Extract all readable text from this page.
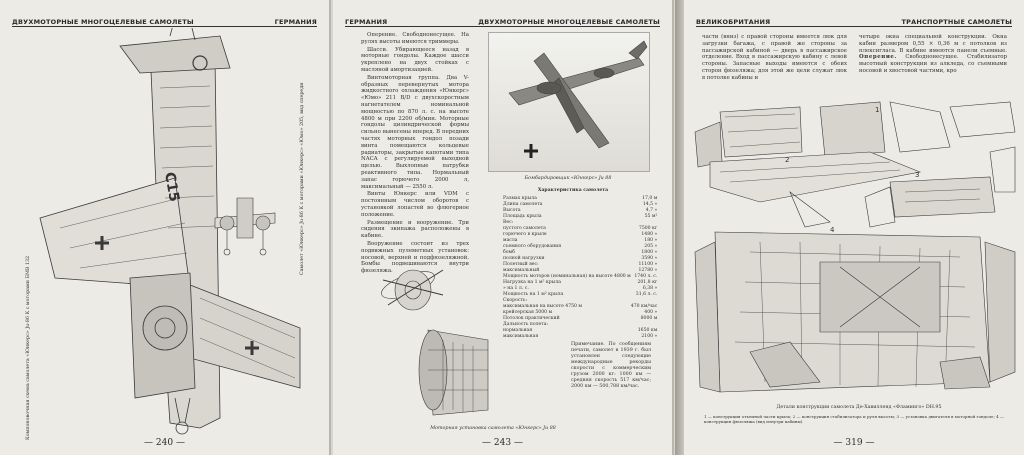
ДВУХМОТОРНЫЕ МНОГОЦЕЛЕВЫЕ САМОЛЕТЫ	ГЕРМАНИЯ
C15
Компоновочная схема самолета «Юнкерс» Ju-86 К с моторами БМВ 132
Самолет «Юнкерс» Ju-86 К с моторами «Юнкерс» «Юмо» 205, вид спереди
— 240 —
ГЕРМАНИЯ	ДВУХМОТОРНЫЕ МНОГОЦЕЛЕВЫЕ САМОЛЕТЫ

Оперение. Свободнонесущее. На рулях высоты имеются триммеры.

Шасси. Убирающееся назад в моторные гондолы. Каждое шасси укреплено на двух стойках с масляной амортизацией.

Винтомоторная группа. Два V-образных перевернутых мотора жидкостного охлаждения «Юнкерс» «Юмо» 211 B/D с двухскоростным нагнетателем номинальной мощностью по 870 л. с. на высоте 4800 м при 2200 об/мин. Моторные гондолы цилиндрической формы сильно вынесены вперед. В передних частях моторных гондол позади винта помещаются кольцевые радиаторы, закрытые капотами типа NACA с регулируемой выходной щелью. Выхлопные патрубки реактивного типа. Нормальный запас горючего 2000 л, максимальный — 2550 л.

Винты Юнкерс или VDM с постоянным числом оборотов с установкой лопастей во флюгерное положение.

Размещение и вооружение. Три сидения экипажа расположены в кабине.

Вооружение состоит из трех подвижных пулеметных установок: носовой, верхней и подфюзеляжной. Бомбы подвешиваются внутри фюзеляжа.

Бомбардировщик «Юнкерс» Ju 88
Характеристика самолета
Размах крыла	17,0 м
Длина самолета	14,5 »
Высота	4,7 »
Площадь крыла	55 м²
Вес:	
пустого самолета	7500 кг
горючего в крыле	1480 »
масла	180 »
съемного оборудования	205 »
бомб	1800 »
полной нагрузки	3590 »
Полетный вес:	11100 »
максимальный	12780 »
Мощность моторов (номинальная) на высоте 4800 м	1740 л. с.
Нагрузка на 1 м² крыла	201,8 кг
» на 1 л. с.	6,38 »
Мощность на 1 м² крыла	31,6 л. с.
Скорость:	
максимальная на высоте 4750 м	470 км/час
крейсерская 5000 м	400 »
Потолок практический	8000 м
Дальность полета:	
нормальная	1650 км
максимальная	2100 »
Моторная установка самолета «Юнкерс» Ju 88
Примечание. По сообщениям печати, самолет в 1939 г. был установлен следующие международные рекорды скорости с коммерческим грузом 2000 кг: 1000 км — средняя скорость 517 км/час; 2000 км — 500,788 км/час.
— 243 —
ВЕЛИКОБРИТАНИЯ	ТРАНСПОРТНЫЕ САМОЛЕТЫ
части (вниз) с правой стороны имеется люк для загрузки багажа, с правой же стороны за пассажирской кабиной — дверь в пассажирское отделение. Вход в пассажирскую кабину с левой стороны. Запасные выходы имеются с обеих сторон фюзеляжа; для этой же цели служат люк в потолке кабины и
четыре окна специальной конструкции. Окна кабин размером 0,55 × 0,36 м с потолков из плексигласа. В кабине имеются панели съемные. Оперение. Свободнонесущее. Стабилизатор высотный конструкции из алкледа, со съемными носовой и хвостовой частями, кро
1
2
3
4
Детали конструкции самолета Де-Хавилленд «Фламинго» DH.95
1 — конструкция отъемной части крыла; 2 — конструкция стабилизатора и руля высоты; 3 — установка двигателя в моторной гондоле; 4 — конструкция фюзеляжа (вид изнутри кабины).
— 319 —
